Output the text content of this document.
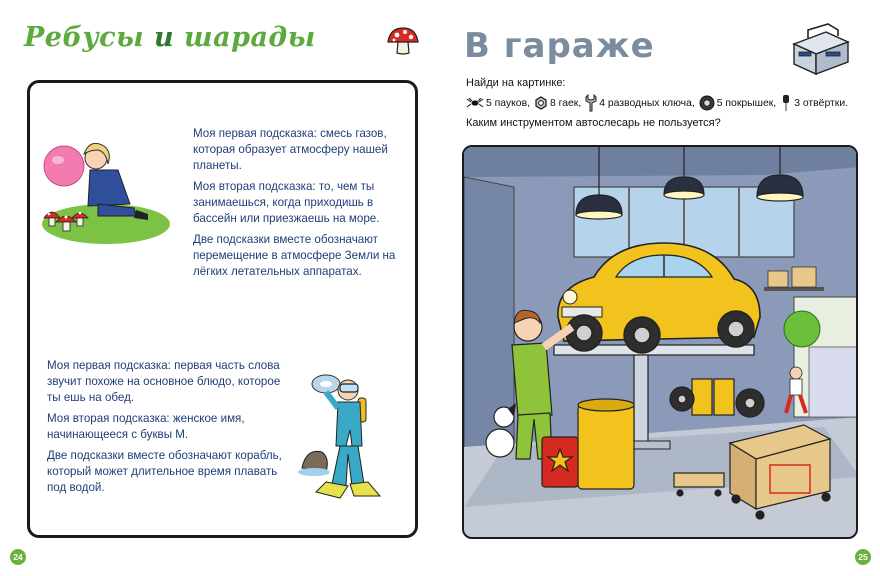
Ребусы и шарады

Моя первая подсказка: смесь газов, которая образует атмосферу нашей планеты.

Моя вторая подсказка: то, чем ты занимаешься, когда приходишь в бассейн или приезжаешь на море.

Две подсказки вместе обозначают перемещение в атмосфере Земли на лёгких летательных аппаратах.

Моя первая подсказка: первая часть слова звучит похоже на основное блюдо, которое ты ешь на обед.

Моя вторая подсказка: женское имя, начинающееся с буквы М.

Две подсказки вместе обозначают корабль, который может длительное время плавать под водой.

24
В гараже
Найди на картинке:
5 пауков, 8 гаек, 4 разводных ключа, 5 покрышек, 3 отвёртки.
Каким инструментом автослесарь не пользуется?
25
